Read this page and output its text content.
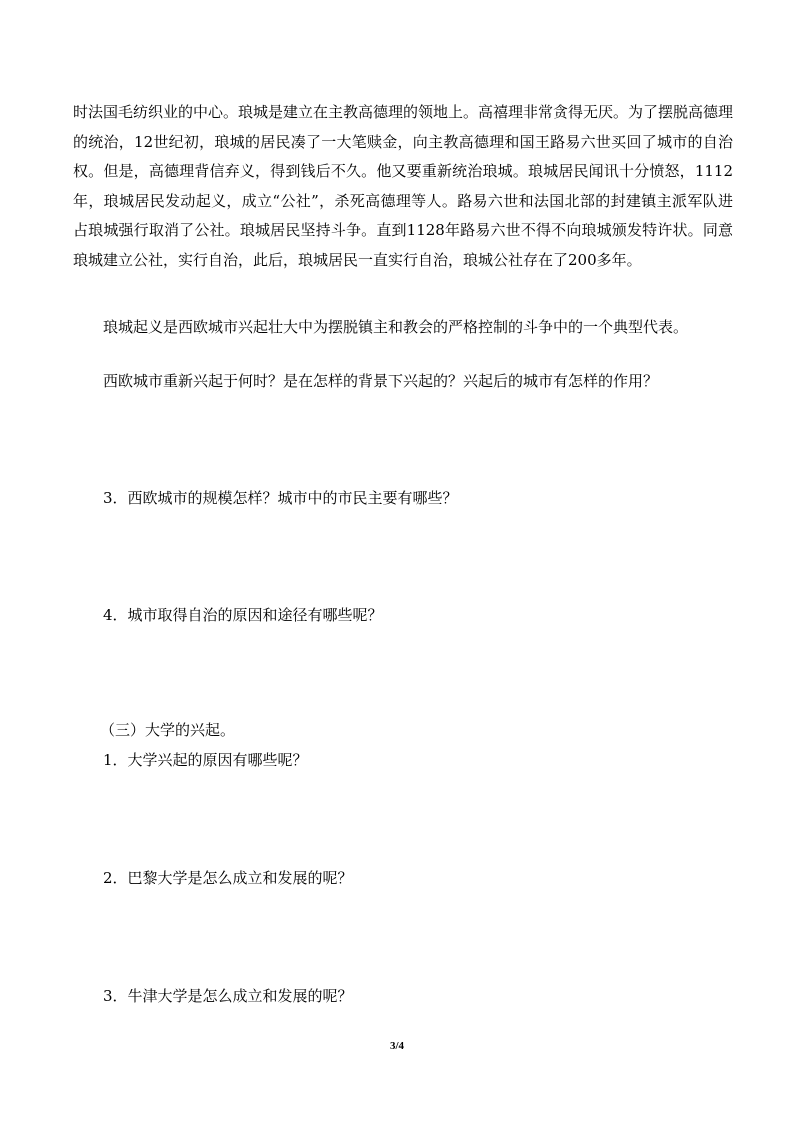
时法国毛纺织业的中心。琅城是建立在主教高德理的领地上。高禧理非常贪得无厌。为了摆脱高德理的统治，12世纪初，琅城的居民凑了一大笔赎金，向主教高德理和国王路易六世买回了城市的自治权。但是，高德理背信弃义，得到钱后不久。他又要重新统治琅城。琅城居民闻讯十分愤怒，1112年，琅城居民发动起义，成立“公社”，杀死高德理等人。路易六世和法国北部的封建镇主派军队进占琅城强行取消了公社。琅城居民坚持斗争。直到1128年路易六世不得不向琅城颁发特许状。同意琅城建立公社，实行自治，此后，琅城居民一直实行自治，琅城公社存在了200多年。
琅城起义是西欧城市兴起壮大中为摆脱镇主和教会的严格控制的斗争中的一个典型代表。
西欧城市重新兴起于何时？是在怎样的背景下兴起的？兴起后的城市有怎样的作用？
3．西欧城市的规模怎样？城市中的市民主要有哪些？
4．城市取得自治的原因和途径有哪些呢？
（三）大学的兴起。
1．大学兴起的原因有哪些呢？
2．巴黎大学是怎么成立和发展的呢？
3．牛津大学是怎么成立和发展的呢？
3/4
